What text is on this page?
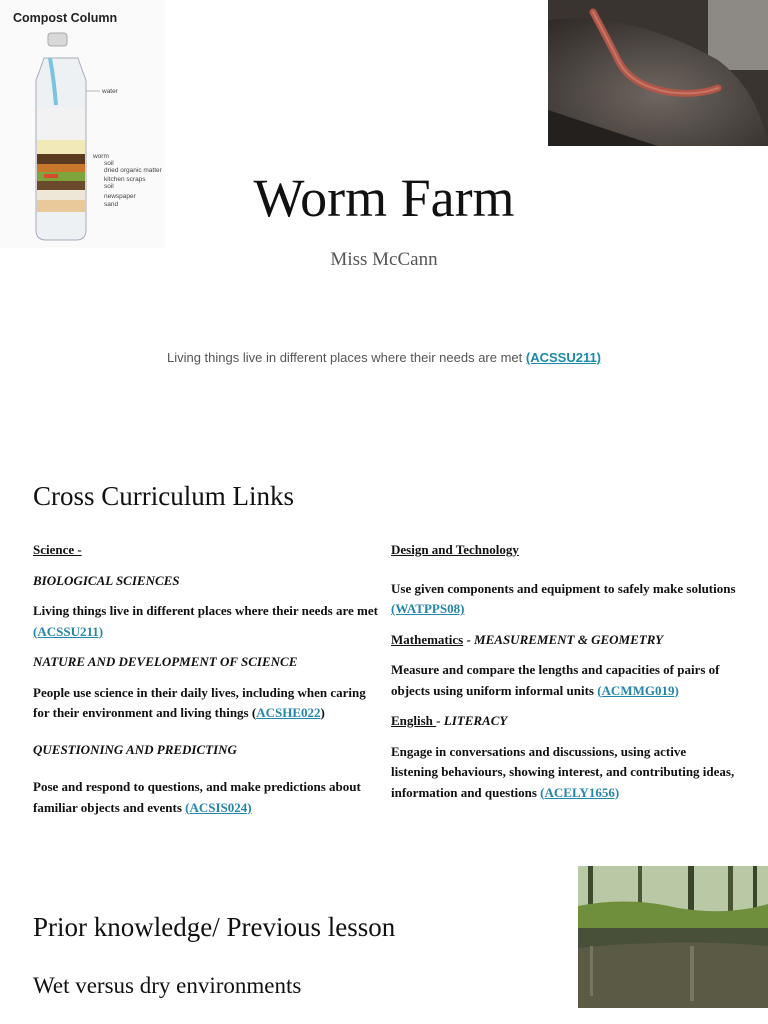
Compost Column
water
worm
soil
dried organic matter
kitchen scraps
soil
newspaper
sand	Worm Farm
Miss McCann
Living things live in different places where their needs are met (ACSSU211)
Cross Curriculum Links

Science -

BIOLOGICAL SCIENCES

Living things live in different places where their needs are met (ACSSU211)

NATURE AND DEVELOPMENT OF SCIENCE

People use science in their daily lives, including when caring for their environment and living things (ACSHE022)

QUESTIONING AND PREDICTING

Pose and respond to questions, and make predictions about familiar objects and events (ACSIS024)

Design and Technology

Use given components and equipment to safely make solutions (WATPPS08)

Mathematics - MEASUREMENT & GEOMETRY

Measure and compare the lengths and capacities of pairs of objects using uniform informal units (ACMMG019)

English - LITERACY

Engage in conversations and discussions, using active listening behaviours, showing interest, and contributing ideas, information and questions (ACELY1656)

Prior knowledge/ Previous lesson
Wet versus dry environments
